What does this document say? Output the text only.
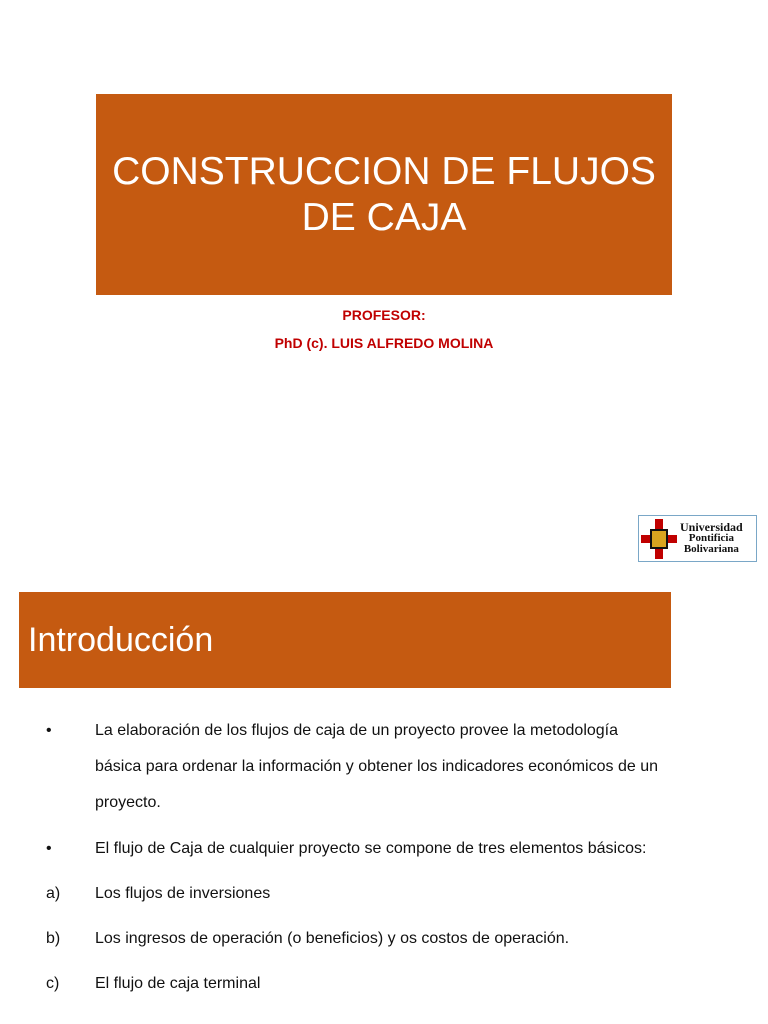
CONSTRUCCION DE FLUJOS DE CAJA

PROFESOR:

PhD (c). LUIS ALFREDO MOLINA

Universidad
Pontificia
Bolivariana
Introducción
•	La elaboración de los flujos de caja de un proyecto provee la metodología
básica para ordenar la información y obtener los indicadores económicos de un
proyecto.
•	El flujo de Caja de cualquier proyecto se compone de tres elementos básicos:
a) Los flujos de inversiones
b) Los ingresos de operación (o beneficios) y os costos de operación.
c) El flujo de caja terminal
